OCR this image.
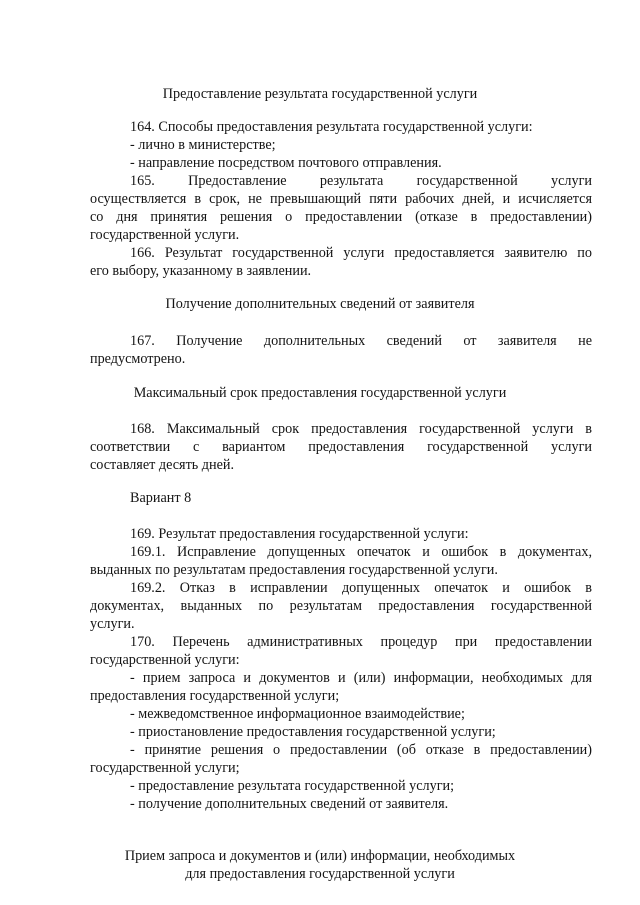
Предоставление результата государственной услуги
164. Способы предоставления результата государственной услуги:
- лично в министерстве;
- направление посредством почтового отправления.
165. Предоставление результата государственной услуги
осуществляется в срок, не превышающий пяти рабочих дней, и исчисляется
со дня принятия решения о предоставлении (отказе в предоставлении)
государственной услуги.
166. Результат государственной услуги предоставляется заявителю по
его выбору, указанному в заявлении.
Получение дополнительных сведений от заявителя
167. Получение дополнительных сведений от заявителя не
предусмотрено.
Максимальный срок предоставления государственной услуги
168. Максимальный срок предоставления государственной услуги в
соответствии с вариантом предоставления государственной услуги
составляет десять дней.
Вариант 8
169. Результат предоставления государственной услуги:
169.1. Исправление допущенных опечаток и ошибок в документах,
выданных по результатам предоставления государственной услуги.
169.2. Отказ в исправлении допущенных опечаток и ошибок в
документах, выданных по результатам предоставления государственной
услуги.
170. Перечень административных процедур при предоставлении
государственной услуги:
- прием запроса и документов и (или) информации, необходимых для
предоставления государственной услуги;
- межведомственное информационное взаимодействие;
- приостановление предоставления государственной услуги;
- принятие решения о предоставлении (об отказе в предоставлении)
государственной услуги;
- предоставление результата государственной услуги;
- получение дополнительных сведений от заявителя.
Прием запроса и документов и (или) информации, необходимых
для предоставления государственной услуги
